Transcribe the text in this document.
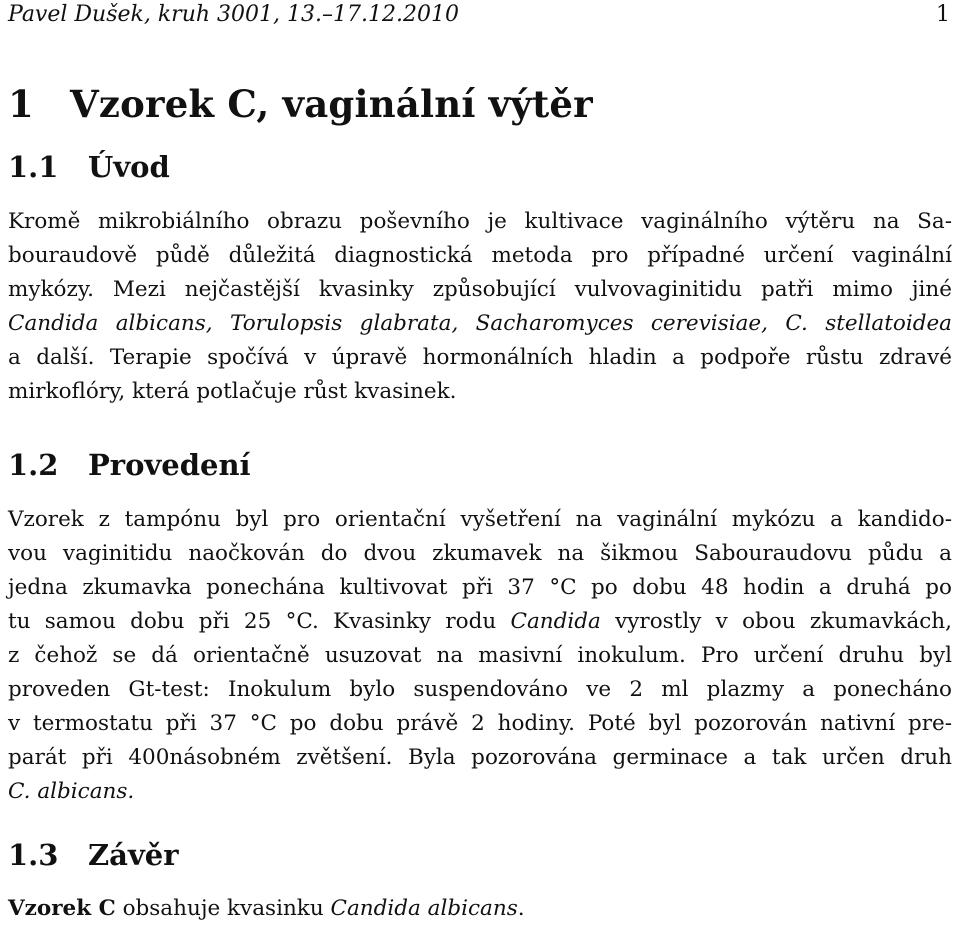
Pavel Dušek, kruh 3001, 13.–17.12.2010	1
1 Vzorek C, vaginální výtěr
1.1 Úvod
Kromě mikrobiálního obrazu poševního je kultivace vaginálního výtěru na Sa-
bouraudově půdě důležitá diagnostická metoda pro případné určení vaginální
mykózy. Mezi nejčastější kvasinky způsobující vulvovaginitidu patři mimo jiné
Candida albicans, Torulopsis glabrata, Sacharomyces cerevisiae, C. stellatoidea
a další. Terapie spočívá v úpravě hormonálních hladin a podpoře růstu zdravé
mirkoflóry, která potlačuje růst kvasinek.
1.2 Provedení
Vzorek z tampónu byl pro orientační vyšetření na vaginální mykózu a kandido-
vou vaginitidu naočkován do dvou zkumavek na šikmou Sabouraudovu půdu a
jedna zkumavka ponechána kultivovat při 37 °C po dobu 48 hodin a druhá po
tu samou dobu při 25 °C. Kvasinky rodu Candida vyrostly v obou zkumavkách,
z čehož se dá orientačně usuzovat na masivní inokulum. Pro určení druhu byl
proveden Gt-test: Inokulum bylo suspendováno ve 2 ml plazmy a ponecháno
v termostatu při 37 °C po dobu právě 2 hodiny. Poté byl pozorován nativní pre-
parát při 400násobném zvětšení. Byla pozorována germinace a tak určen druh
C. albicans.
1.3 Závěr
Vzorek C obsahuje kvasinku Candida albicans.
